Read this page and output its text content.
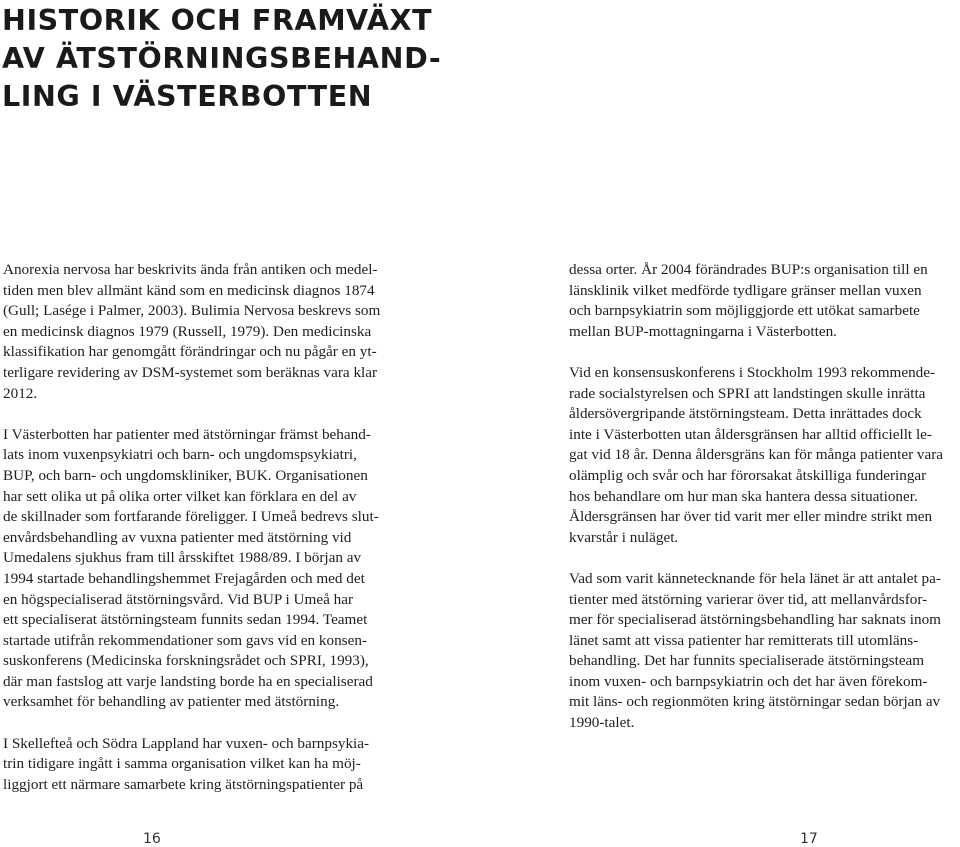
HISTORIK OCH FRAMVÄXT
AV ÄTSTÖRNINGSBEHAND-
LING I VÄSTERBOTTEN

Anorexia nervosa har beskrivits ända från antiken och medel-
tiden men blev allmänt känd som en medicinsk diagnos 1874
(Gull; Lasége i Palmer, 2003). Bulimia Nervosa beskrevs som
en medicinsk diagnos 1979 (Russell, 1979). Den medicinska
klassifikation har genomgått förändringar och nu pågår en yt-
terligare revidering av DSM-systemet som beräknas vara klar
2012.

I Västerbotten har patienter med ätstörningar främst behand-
lats inom vuxenpsykiatri och barn- och ungdomspsykiatri,
BUP, och barn- och ungdomskliniker, BUK. Organisationen
har sett olika ut på olika orter vilket kan förklara en del av
de skillnader som fortfarande föreligger. I Umeå bedrevs slut-
envårdsbehandling av vuxna patienter med ätstörning vid
Umedalens sjukhus fram till årsskiftet 1988/89. I början av
1994 startade behandlingshemmet Frejagården och med det
en högspecialiserad ätstörningsvård. Vid BUP i Umeå har
ett specialiserat ätstörningsteam funnits sedan 1994. Teamet
startade utifrån rekommendationer som gavs vid en konsen-
suskonferens (Medicinska forskningsrådet och SPRI, 1993),
där man fastslog att varje landsting borde ha en specialiserad
verksamhet för behandling av patienter med ätstörning.

I Skellefteå och Södra Lappland har vuxen- och barnpsykia-
trin tidigare ingått i samma organisation vilket kan ha möj-
liggjort ett närmare samarbete kring ätstörningspatienter på

dessa orter. År 2004 förändrades BUP:s organisation till en
länsklinik vilket medförde tydligare gränser mellan vuxen
och barnpsykiatrin som möjliggjorde ett utökat samarbete
mellan BUP-mottagningarna i Västerbotten.

Vid en konsensuskonferens i Stockholm 1993 rekommende-
rade socialstyrelsen och SPRI att landstingen skulle inrätta
åldersövergripande ätstörningsteam. Detta inrättades dock
inte i Västerbotten utan åldersgränsen har alltid officiellt le-
gat vid 18 år. Denna åldersgräns kan för många patienter vara
olämplig och svår och har förorsakat åtskilliga funderingar
hos behandlare om hur man ska hantera dessa situationer.
Åldersgränsen har över tid varit mer eller mindre strikt men
kvarstår i nuläget.

Vad som varit kännetecknande för hela länet är att antalet pa-
tienter med ätstörning varierar över tid, att mellanvårdsfor-
mer för specialiserad ätstörningsbehandling har saknats inom
länet samt att vissa patienter har remitterats till utomläns-
behandling. Det har funnits specialiserade ätstörningsteam
inom vuxen- och barnpsykiatrin och det har även förekom-
mit läns- och regionmöten kring ätstörningar sedan början av
1990-talet.

16	17
